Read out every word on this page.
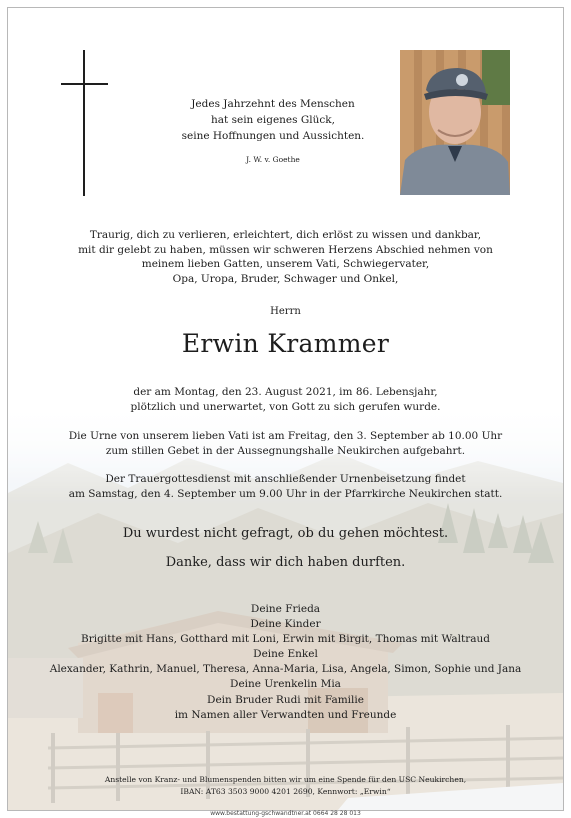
Jedes Jahrzehnt des Menschen
hat sein eigenes Glück,
seine Hoffnungen und Aussichten.
J. W. v. Goethe
Traurig, dich zu verlieren, erleichtert, dich erlöst zu wissen und dankbar,
mit dir gelebt zu haben, müssen wir schweren Herzens Abschied nehmen von
meinem lieben Gatten, unserem Vati, Schwiegervater,
Opa, Uropa, Bruder, Schwager und Onkel,
Herrn
Erwin Krammer
der am Montag, den 23. August 2021, im 86. Lebensjahr,
plötzlich und unerwartet, von Gott zu sich gerufen wurde.
Die Urne von unserem lieben Vati ist am Freitag, den 3. September ab 10.00 Uhr
zum stillen Gebet in der Aussegnungshalle Neukirchen aufgebahrt.
Der Trauergottesdienst mit anschließender Urnenbeisetzung findet
am Samstag, den 4. September um 9.00 Uhr in der Pfarrkirche Neukirchen statt.
Du wurdest nicht gefragt, ob du gehen möchtest.
Danke, dass wir dich haben durften.
Deine Frieda
Deine Kinder
Brigitte mit Hans, Gotthard mit Loni, Erwin mit Birgit, Thomas mit Waltraud
Deine Enkel
Alexander, Kathrin, Manuel, Theresa, Anna-Maria, Lisa, Angela, Simon, Sophie und Jana
Deine Urenkelin Mia
Dein Bruder Rudi mit Familie
im Namen aller Verwandten und Freunde
Anstelle von Kranz- und Blumenspenden bitten wir um eine Spende für den USC Neukirchen,
IBAN: AT63 3503 9000 4201 2690, Kennwort: „Erwin“
www.bestattung-gschwandtner.at 0664 28 28 013
